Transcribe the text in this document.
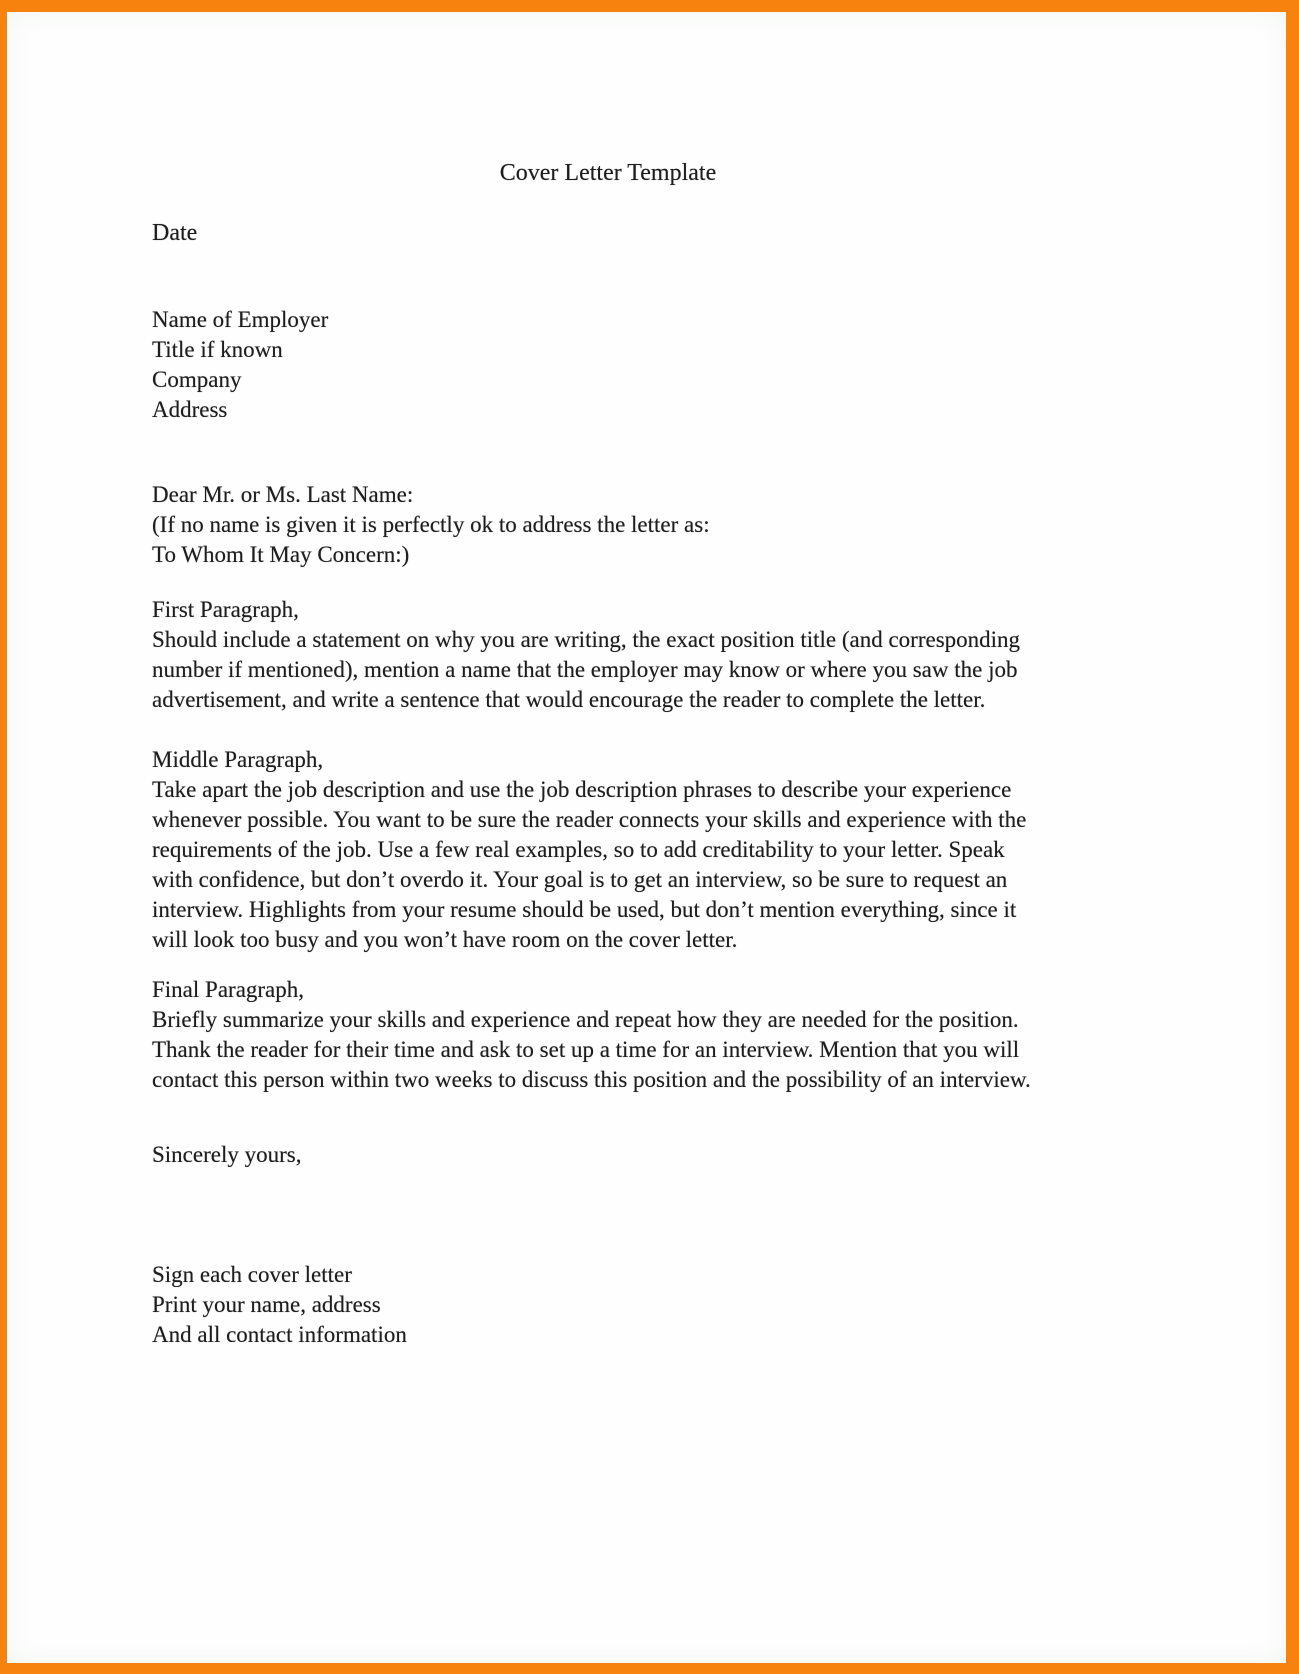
Cover Letter Template
Date
Name of Employer
Title if known
Company
Address
Dear Mr. or Ms. Last Name:
(If no name is given it is perfectly ok to address the letter as:
To Whom It May Concern:)
First Paragraph,
Should include a statement on why you are writing, the exact position title (and corresponding
number if mentioned), mention a name that the employer may know or where you saw the job
advertisement, and write a sentence that would encourage the reader to complete the letter.
Middle Paragraph,
Take apart the job description and use the job description phrases to describe your experience
whenever possible. You want to be sure the reader connects your skills and experience with the
requirements of the job. Use a few real examples, so to add creditability to your letter. Speak
with confidence, but don’t overdo it. Your goal is to get an interview, so be sure to request an
interview. Highlights from your resume should be used, but don’t mention everything, since it
will look too busy and you won’t have room on the cover letter.
Final Paragraph,
Briefly summarize your skills and experience and repeat how they are needed for the position.
Thank the reader for their time and ask to set up a time for an interview. Mention that you will
contact this person within two weeks to discuss this position and the possibility of an interview.
Sincerely yours,
Sign each cover letter
Print your name, address
And all contact information
